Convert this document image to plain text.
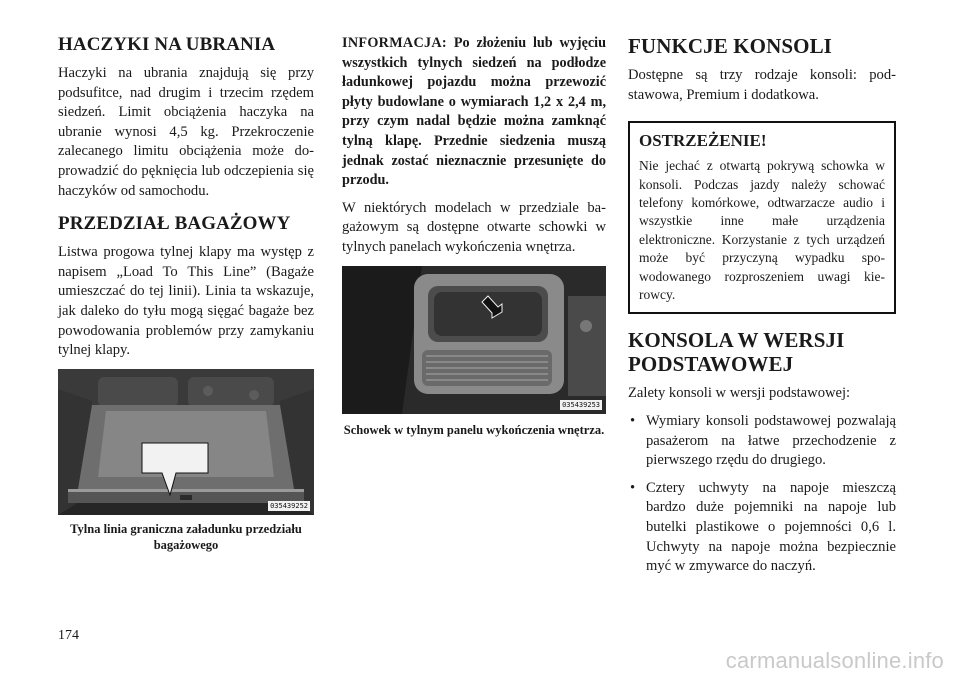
HACZYKI NA UBRANIA

Haczyki na ubrania znajdują się przy podsufitce, nad drugim i trzecim rzędem siedzeń. Limit obciążenia haczyka na ubranie wynosi 4,5 kg. Przekroczenie zalecanego limitu obciążenia może doprowadzić do pęknięcia lub odczepienia się haczyków od samochodu.

PRZEDZIAŁ BAGAŻOWY

Listwa progowa tylnej klapy ma występ z napisem „Load To This Line” (Bagaże umieszczać do tej linii). Linia ta wskazuje, jak daleko do tyłu mogą sięgać bagaże bez powodowania problemów przy zamykaniu tylnej klapy.

035439252

Tylna linia graniczna załadunku przedziału bagażowego

INFORMACJA: Po złożeniu lub wyjęciu wszystkich tylnych siedzeń na podłodze ładunkowej pojazdu można przewozić płyty budowlane o wymiarach 1,2 x 2,4 m, przy czym nadal będzie można zamknąć tylną klapę. Przednie siedzenia muszą jednak zostać nieznacznie przesunięte do przodu.

W niektórych modelach w przedziale bagażowym są dostępne otwarte schowki w tylnych panelach wykończenia wnętrza.

035439253

Schowek w tylnym panelu wykończenia wnętrza.

FUNKCJE KONSOLI

Dostępne są trzy rodzaje konsoli: podstawowa, Premium i dodatkowa.

OSTRZEŻENIE!

Nie jechać z otwartą pokrywą schowka w konsoli. Podczas jazdy należy schować telefony komórkowe, odtwarzacze audio i wszystkie inne małe urządzenia elektroniczne. Korzystanie z tych urządzeń może być przyczyną wypadku spowodowanego rozproszeniem uwagi kierowcy.

KONSOLA W WERSJI PODSTAWOWEJ

Zalety konsoli w wersji podstawowej:

• Wymiary konsoli podstawowej pozwalają pasażerom na łatwe przechodzenie z pierwszego rzędu do drugiego.
• Cztery uchwyty na napoje mieszczą bardzo duże pojemniki na napoje lub butelki plastikowe o pojemności 0,6 l. Uchwyty na napoje można bezpiecznie myć w zmywarce do naczyń.
174
carmanualsonline.info
